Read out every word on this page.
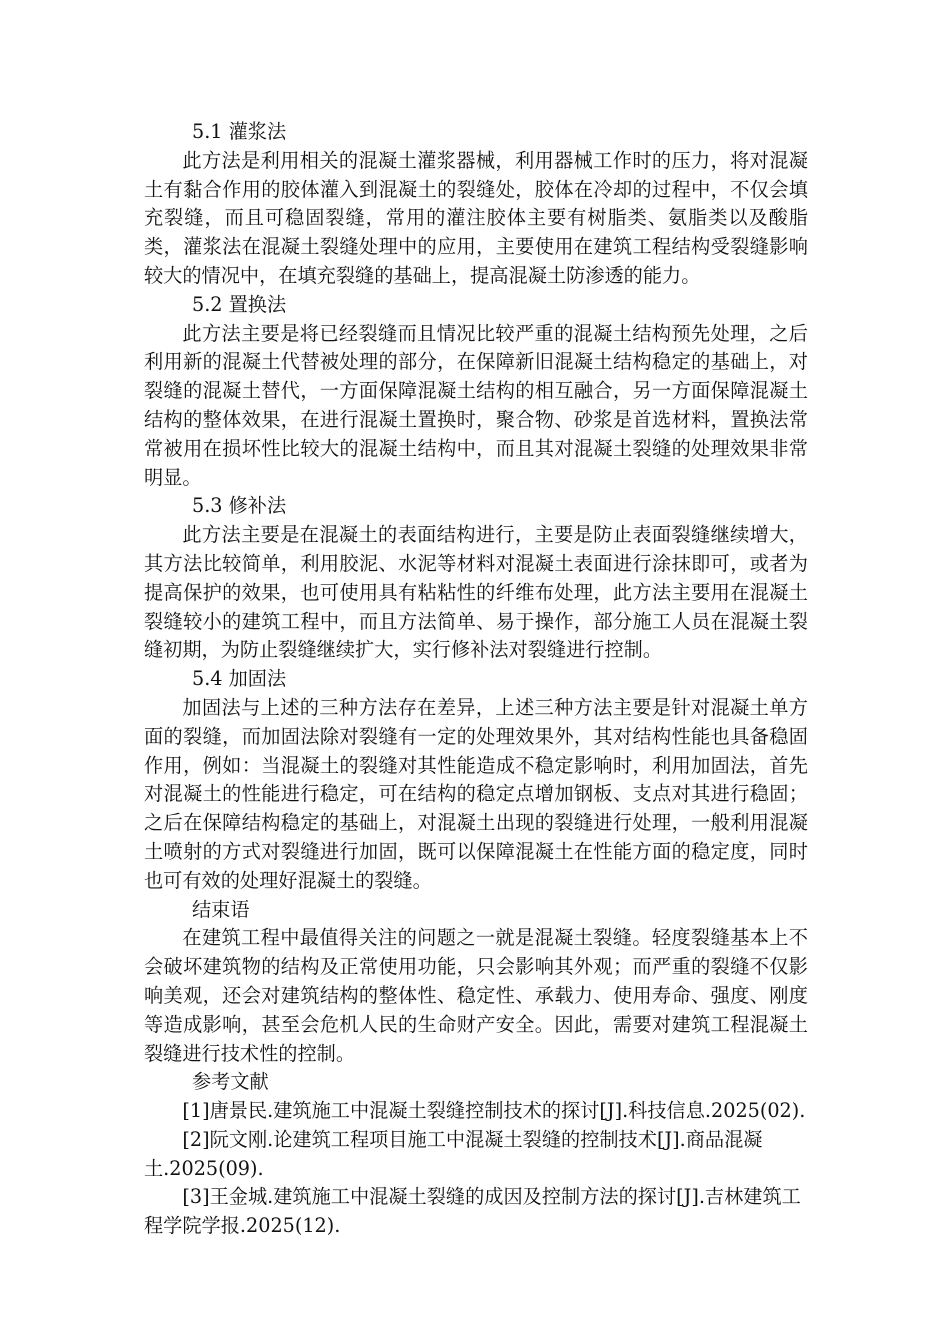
5.1 灌浆法

此方法是利用相关的混凝土灌浆器械，利用器械工作时的压力，将对混凝土有黏合作用的胶体灌入到混凝土的裂缝处，胶体在冷却的过程中，不仅会填充裂缝，而且可稳固裂缝，常用的灌注胶体主要有树脂类、氨脂类以及酸脂类，灌浆法在混凝土裂缝处理中的应用，主要使用在建筑工程结构受裂缝影响较大的情况中，在填充裂缝的基础上，提高混凝土防渗透的能力。

5.2 置换法

此方法主要是将已经裂缝而且情况比较严重的混凝土结构预先处理，之后利用新的混凝土代替被处理的部分，在保障新旧混凝土结构稳定的基础上，对裂缝的混凝土替代，一方面保障混凝土结构的相互融合，另一方面保障混凝土结构的整体效果，在进行混凝土置换时，聚合物、砂浆是首选材料，置换法常常被用在损坏性比较大的混凝土结构中，而且其对混凝土裂缝的处理效果非常明显。

5.3 修补法

此方法主要是在混凝土的表面结构进行，主要是防止表面裂缝继续增大，其方法比较简单，利用胶泥、水泥等材料对混凝土表面进行涂抹即可，或者为提高保护的效果，也可使用具有粘粘性的纤维布处理，此方法主要用在混凝土裂缝较小的建筑工程中，而且方法简单、易于操作，部分施工人员在混凝土裂缝初期，为防止裂缝继续扩大，实行修补法对裂缝进行控制。

5.4 加固法

加固法与上述的三种方法存在差异，上述三种方法主要是针对混凝土单方面的裂缝，而加固法除对裂缝有一定的处理效果外，其对结构性能也具备稳固作用，例如：当混凝土的裂缝对其性能造成不稳定影响时，利用加固法，首先对混凝土的性能进行稳定，可在结构的稳定点增加钢板、支点对其进行稳固；之后在保障结构稳定的基础上，对混凝土出现的裂缝进行处理，一般利用混凝土喷射的方式对裂缝进行加固，既可以保障混凝土在性能方面的稳定度，同时也可有效的处理好混凝土的裂缝。

结束语

在建筑工程中最值得关注的问题之一就是混凝土裂缝。轻度裂缝基本上不会破坏建筑物的结构及正常使用功能，只会影响其外观；而严重的裂缝不仅影响美观，还会对建筑结构的整体性、稳定性、承载力、使用寿命、强度、刚度等造成影响，甚至会危机人民的生命财产安全。因此，需要对建筑工程混凝土裂缝进行技术性的控制。

参考文献

[1]唐景民.建筑施工中混凝土裂缝控制技术的探讨[J].科技信息.2025(02).

[2]阮文刚.论建筑工程项目施工中混凝土裂缝的控制技术[J].商品混凝土.2025(09).

[3]王金城.建筑施工中混凝土裂缝的成因及控制方法的探讨[J].吉林建筑工程学院学报.2025(12).
